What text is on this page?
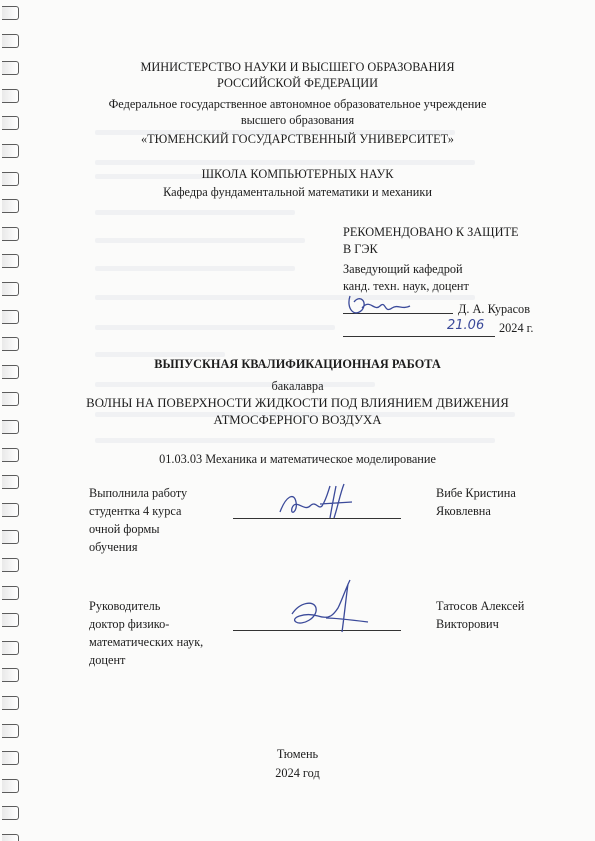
МИНИСТЕРСТВО НАУКИ И ВЫСШЕГО ОБРАЗОВАНИЯ
РОССИЙСКОЙ ФЕДЕРАЦИИ
Федеральное государственное автономное образовательное учреждение
высшего образования
«ТЮМЕНСКИЙ ГОСУДАРСТВЕННЫЙ УНИВЕРСИТЕТ»
ШКОЛА КОМПЬЮТЕРНЫХ НАУК
Кафедра фундаментальной математики и механики
РЕКОМЕНДОВАНО К ЗАЩИТЕ
В ГЭК
Заведующий кафедрой
канд. техн. наук, доцент
Д. А. Курасов
21.06 2024 г.
ВЫПУСКНАЯ КВАЛИФИКАЦИОННАЯ РАБОТА
бакалавра
ВОЛНЫ НА ПОВЕРХНОСТИ ЖИДКОСТИ ПОД ВЛИЯНИЕМ ДВИЖЕНИЯ
АТМОСФЕРНОГО ВОЗДУХА
01.03.03 Механика и математическое моделирование
Выполнила работу
студентка 4 курса
очной формы
обучения
Вибе Кристина
Яковлевна
Руководитель
доктор физико-
математических наук,
доцент
Татосов Алексей
Викторович
Тюмень
2024 год
